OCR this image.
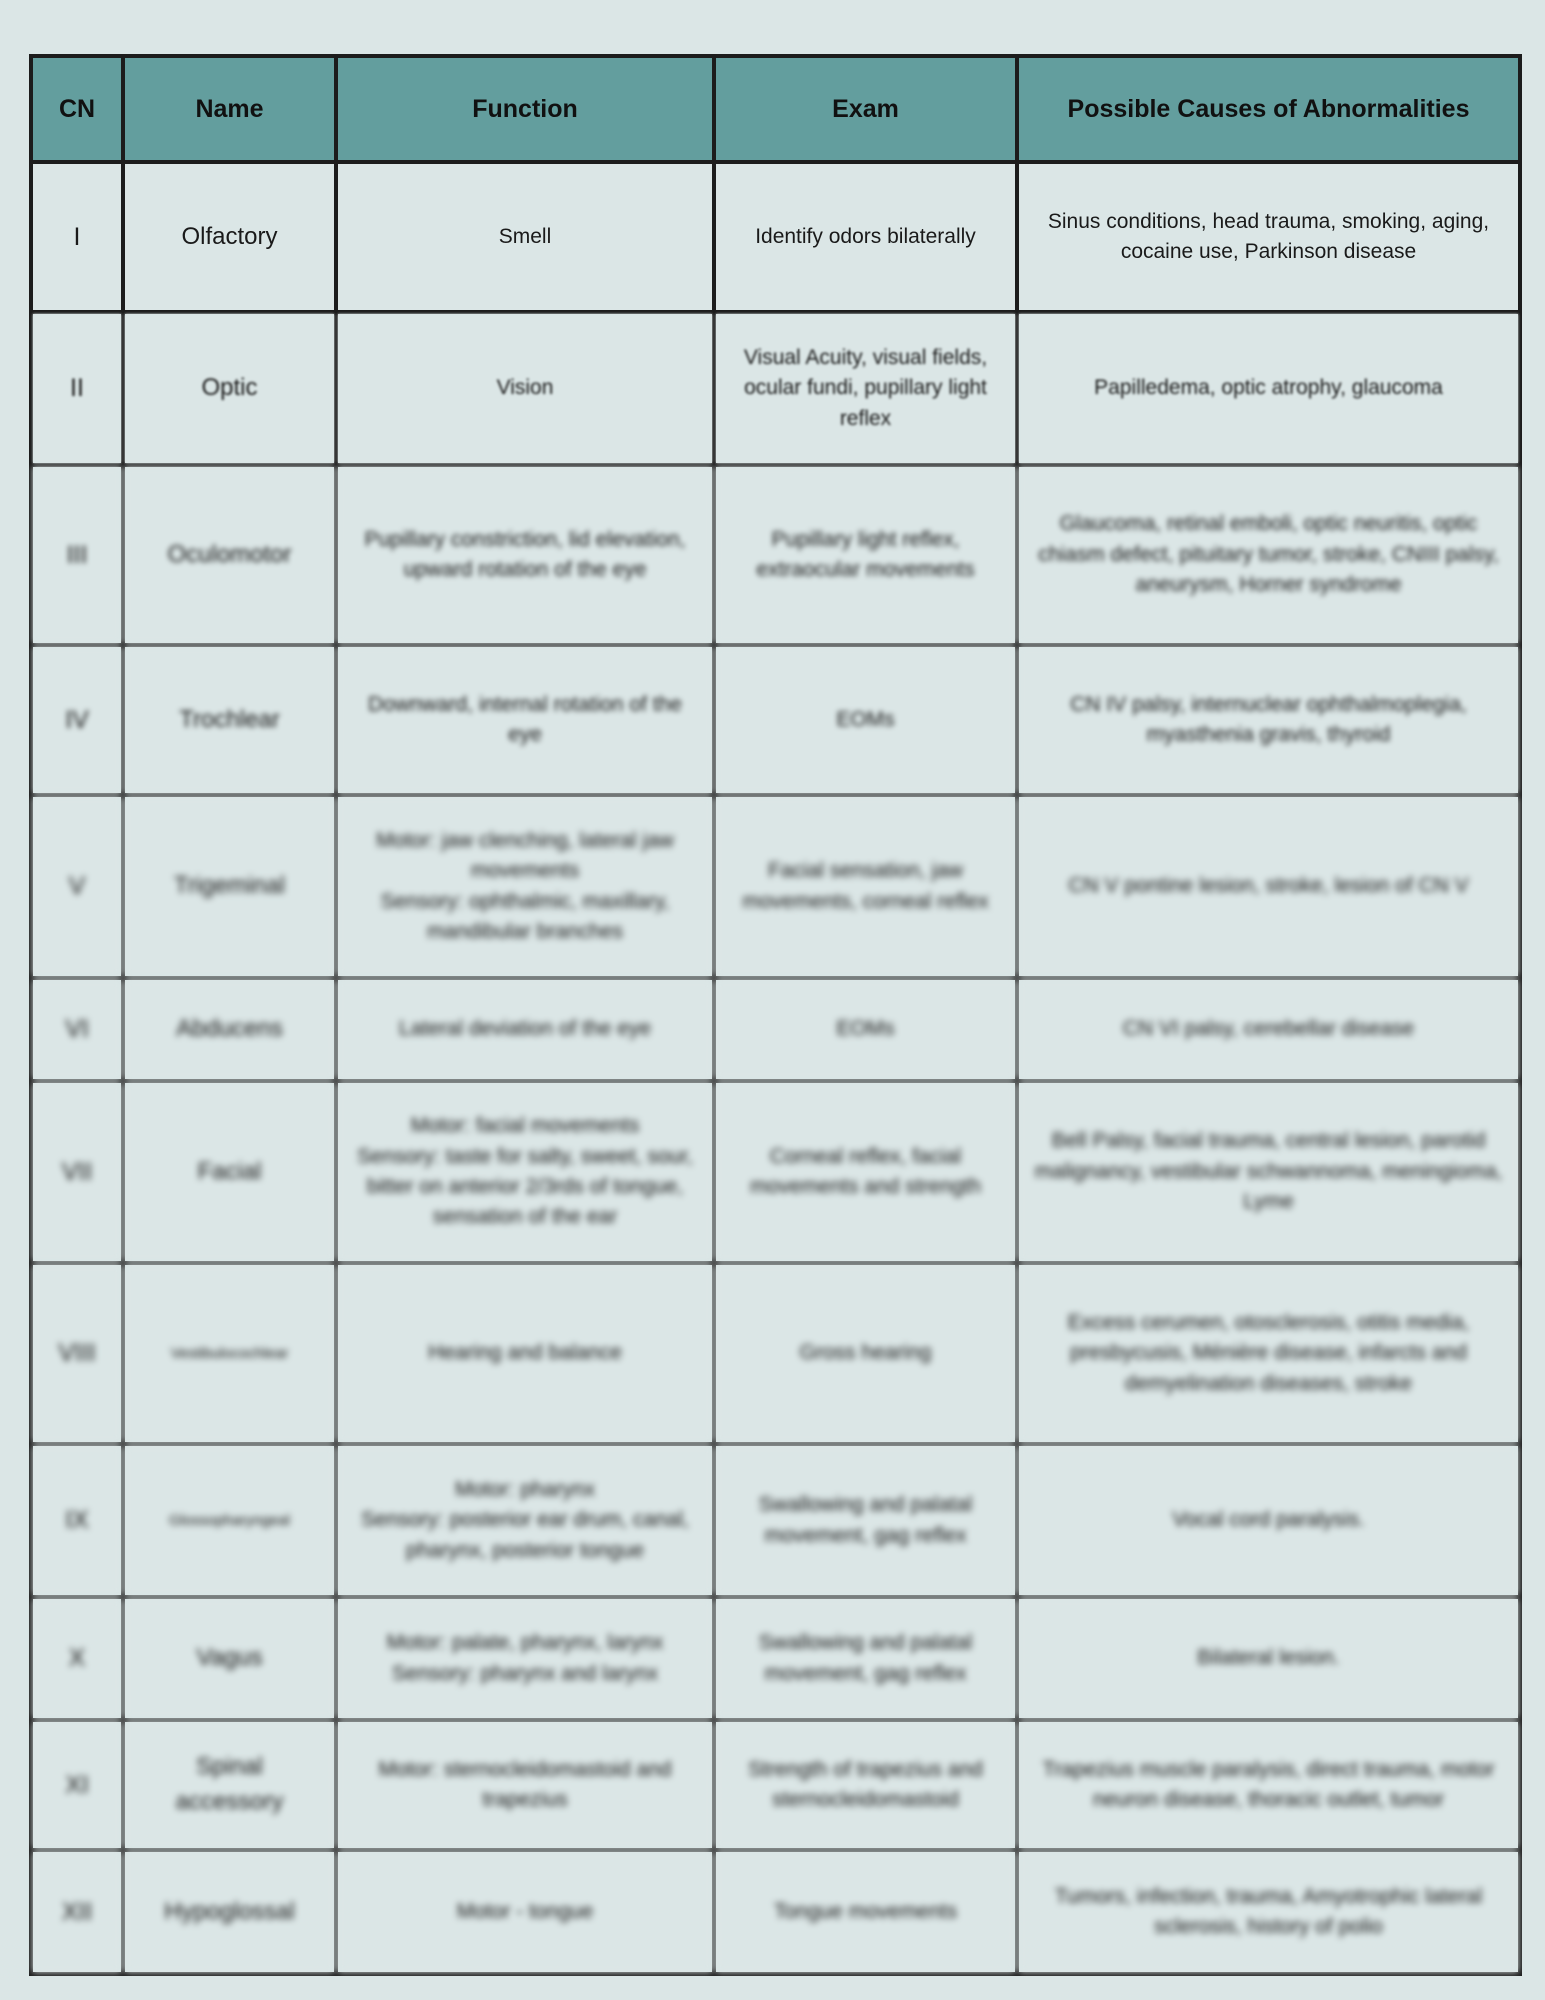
CN	Name	Function	Exam	Possible Causes of Abnormalities
I	Olfactory	Smell	Identify odors bilaterally	Sinus conditions, head trauma, smoking, aging, cocaine use, Parkinson disease
II	Optic	Vision	Visual Acuity, visual fields, ocular fundi, pupillary light reflex	Papilledema, optic atrophy, glaucoma
III	Oculomotor	Pupillary constriction, lid elevation, upward rotation of the eye	Pupillary light reflex, extraocular movements	Glaucoma, retinal emboli, optic neuritis, optic chiasm defect, pituitary tumor, stroke, CNIII palsy, aneurysm, Horner syndrome
IV	Trochlear	Downward, internal rotation of the eye	EOMs	CN IV palsy, internuclear ophthalmoplegia, myasthenia gravis, thyroid
V	Trigeminal	Motor: jaw clenching, lateral jaw movements
Sensory: ophthalmic, maxillary, mandibular branches	Facial sensation, jaw movements, corneal reflex	CN V pontine lesion, stroke, lesion of CN V
VI	Abducens	Lateral deviation of the eye	EOMs	CN VI palsy, cerebellar disease
VII	Facial	Motor: facial movements
Sensory: taste for salty, sweet, sour, bitter on anterior 2/3rds of tongue, sensation of the ear	Corneal reflex, facial movements and strength	Bell Palsy, facial trauma, central lesion, parotid malignancy, vestibular schwannoma, meningioma, Lyme
VIII	Vestibulocochlear	Hearing and balance	Gross hearing	Excess cerumen, otosclerosis, otitis media, presbycusis, Ménière disease, infarcts and demyelination diseases, stroke
IX	Glossopharyngeal	Motor: pharynx
Sensory: posterior ear drum, canal, pharynx, posterior tongue	Swallowing and palatal movement, gag reflex	Vocal cord paralysis.
X	Vagus	Motor: palate, pharynx, larynx
Sensory: pharynx and larynx	Swallowing and palatal movement, gag reflex	Bilateral lesion.
XI	Spinal accessory	Motor: sternocleidomastoid and trapezius	Strength of trapezius and sternocleidomastoid	Trapezius muscle paralysis, direct trauma, motor neuron disease, thoracic outlet, tumor
XII	Hypoglossal	Motor - tongue	Tongue movements	Tumors, infection, trauma, Amyotrophic lateral sclerosis, history of polio
